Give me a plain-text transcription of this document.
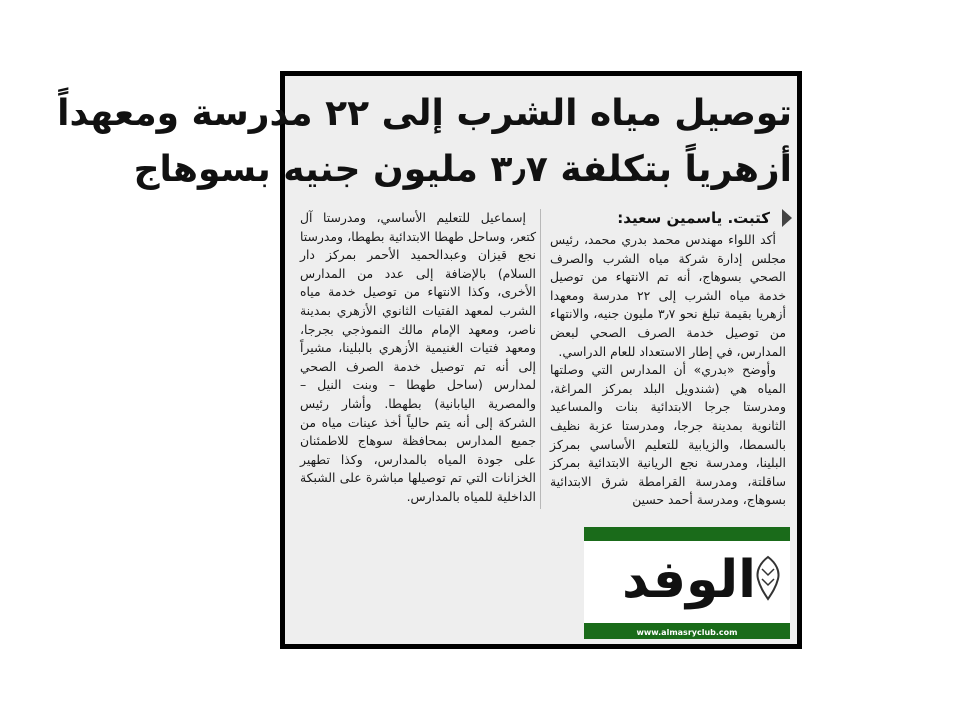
توصيل مياه الشرب إلى ٢٢ مدرسة ومعهداً
أزهرياً بتكلفة ٣٫٧ مليون جنيه بسوهاج
كتبت. ياسمين سعيد:

أكد اللواء مهندس محمد بدري محمد، رئيس مجلس إدارة شركة مياه الشرب والصرف الصحي بسوهاج، أنه تم الانتهاء من توصيل خدمة مياه الشرب إلى ٢٢ مدرسة ومعهدا أزهريا بقيمة تبلغ نحو ٣٫٧ مليون جنيه، والانتهاء من توصيل خدمة الصرف الصحي لبعض المدارس، في إطار الاستعداد للعام الدراسي.

وأوضح «بدري» أن المدارس التي وصلتها المياه هي (شندويل البلد بمركز المراغة، ومدرستا جرجا الابتدائية بنات والمساعيد الثانوية بمدينة جرجا، ومدرستا عزبة نظيف بالسمطا، والزيابية للتعليم الأساسي بمركز البلينا، ومدرسة نجع الريانية الابتدائية بمركز ساقلتة، ومدرسة القرامطة شرق الابتدائية بسوهاج، ومدرسة أحمد حسين

إسماعيل للتعليم الأساسي، ومدرستا آل كتعر، وساحل طهطا الابتدائية بطهطا، ومدرستا نجع قيزان وعبدالحميد الأحمر بمركز دار السلام) بالإضافة إلى عدد من المدارس الأخرى، وكذا الانتهاء من توصيل خدمة مياه الشرب لمعهد الفتيات الثانوي الأزهري بمدينة ناصر، ومعهد الإمام مالك النموذجي بجرجا، ومعهد فتيات الغنيمية الأزهري بالبلينا، مشيراً إلى أنه تم توصيل خدمة الصرف الصحي لمدارس (ساحل طهطا – وبنت النيل – والمصرية اليابانية) بطهطا. وأشار رئيس الشركة إلى أنه يتم حالياً أخذ عينات مياه من جميع المدارس بمحافظة سوهاج للاطمئنان على جودة المياه بالمدارس، وكذا تطهير الخزانات التي تم توصيلها مباشرة على الشبكة الداخلية للمياه بالمدارس.

الوفد
www.almasryclub.com
